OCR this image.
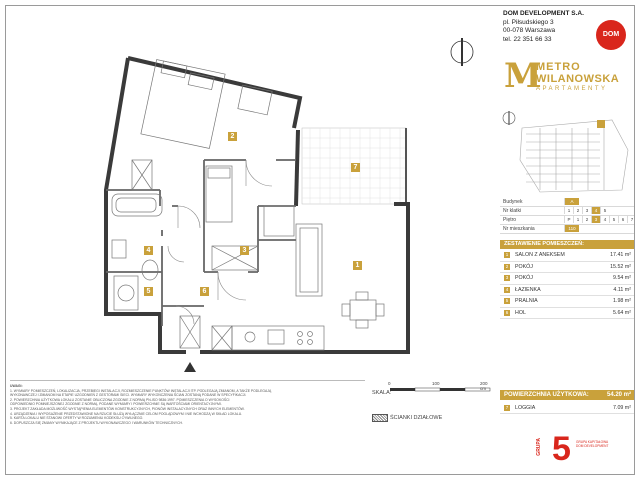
2
7
3
4
1
5	6
DOM DEVELOPMENT S.A.
pl. Piłsudskiego 3
00-078 Warszawa
tel. 22 351 66 33
DOM
M
METRO
WILANOWSKA
APARTAMENTY
Budynek	A
Nr klatki	1	2	3	4	5
Piętro	P	1	2	3	4	5	6	7
Nr mieszkania	110
ZESTAWIENIE POMIESZCZEŃ:
1	SALON Z ANEKSEM	17.41 m²
2	POKÓJ	15.52 m²
3	POKÓJ	9.54 m²
4	ŁAZIENKA	4.11 m²
5	PRALNIA	1.98 m²
6	HOL	5.64 m²
POWIERZCHNIA UŻYTKOWA:	54.20 m²
7	LOGGIA	7.09 m²
UWAGI:
1. WYMIARY POMIESZCZEŃ, LOKALIZACJA, PRZEBIEGI INSTALACJI, ROZMIESZCZENIE PUNKTÓW INSTALACJI ITP. PODLEGAJĄ ZMIANOM, A TAKŻE PODLEGAJĄ
WYKONAWCZEJ I ZMIANOM NA ETAPIE UZGODNIEŃ Z GESTORAMI SIECI. WYMIARY WYKOŃCZENIA ŚCIAN ZOSTANĄ PODANE W SPECYFIKACJI.
2. POWIERZCHNIA UŻYTKOWA LOKALU ZOSTANIE OBLICZONA ZGODNIE Z NORMĄ PN-ISO 9836:1997. POMIESZCZENIA O WYSOKOŚCI
ODPOWIEDNIO POMNIEJSZONEJ ZGODNIE Z NORMĄ. PODANE WYMIARY I POWIERZCHNIE SĄ WARTOŚCIAMI ORIENTACYJNYMI.
3. PROJEKT ZAKŁADA MOŻLIWOŚĆ WYSTĄPIENIA ELEMENTÓW KONSTRUKCYJNYCH, PIONÓW INSTALACYJNYCH ORAZ INNYCH ELEMENTÓW.
4. URZĄDZENIA I WYPOSAŻENIE PRZEDSTAWIONE NA RZUCIE SŁUŻĄ WYŁĄCZNIE CELOM POGLĄDOWYM I NIE WCHODZĄ W SKŁAD LOKALU.
5. KARTA LOKALU NIE STANOWI OFERTY W ROZUMIENIU KODEKSU CYWILNEGO.
6. DOPUSZCZA SIĘ ZMIANY WYNIKAJĄCE Z PROJEKTU WYKONAWCZEGO I WARUNKÓW TECHNICZNYCH.
SKALA:
0	100	200 cm
ŚCIANKI DZIAŁOWE
GRUPA 5 GRUPA KAPITAŁOWA DOM DEVELOPMENT
